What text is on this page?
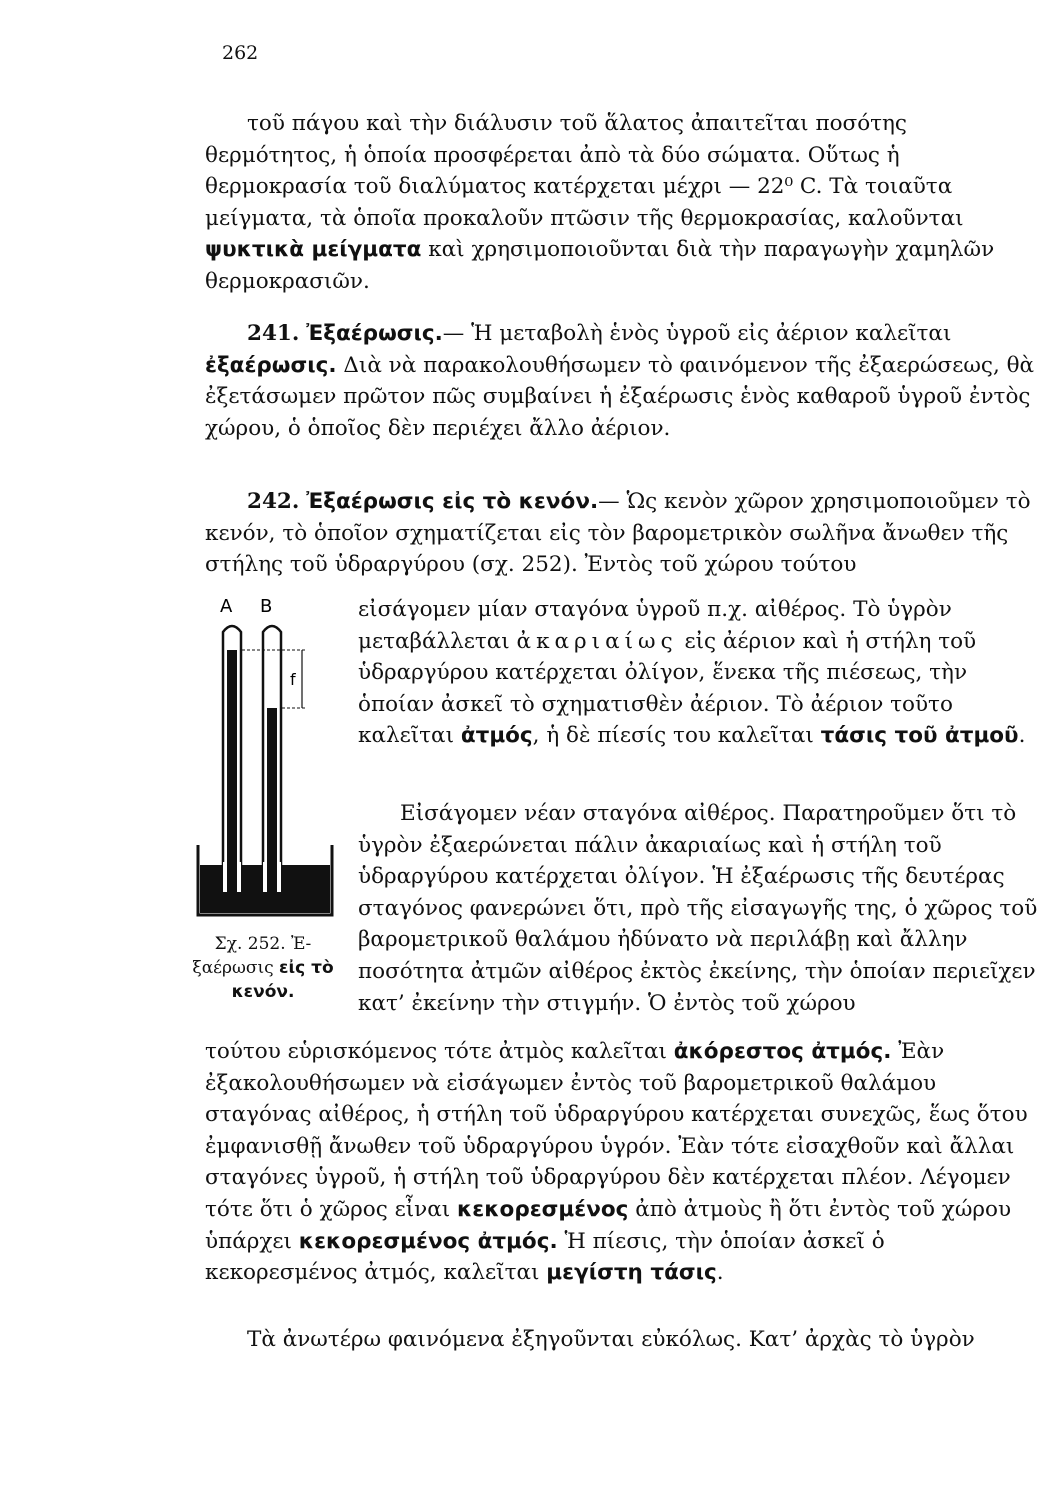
262

τοῦ πάγου καὶ τὴν διάλυσιν τοῦ ἅλατος ἀπαιτεῖται ποσότης θερμότητος, ἡ ὁποία προσφέρεται ἀπὸ τὰ δύο σώματα. Οὕτως ἡ θερμοκρασία τοῦ διαλύματος κατέρχεται μέχρι — 22⁰ C. Τὰ τοιαῦτα μείγματα, τὰ ὁποῖα προκαλοῦν πτῶσιν τῆς θερμοκρασίας, καλοῦνται ψυκτικὰ μείγματα καὶ χρησιμοποιοῦνται διὰ τὴν παραγωγὴν χαμηλῶν θερμοκρασιῶν.

241. Ἐξαέρωσις.— Ἡ μεταβολὴ ἑνὸς ὑγροῦ εἰς ἀέριον καλεῖται ἐξαέρωσις. Διὰ νὰ παρακολουθήσωμεν τὸ φαινόμενον τῆς ἐξαερώσεως, θὰ ἐξετάσωμεν πρῶτον πῶς συμβαίνει ἡ ἐξαέρωσις ἑνὸς καθαροῦ ὑγροῦ ἐντὸς χώρου, ὁ ὁποῖος δὲν περιέχει ἄλλο ἀέριον.

242. Ἐξαέρωσις εἰς τὸ κενόν.— Ὡς κενὸν χῶρον χρησιμοποιοῦμεν τὸ κενόν, τὸ ὁποῖον σχηματίζεται εἰς τὸν βαρομετρικὸν σωλῆνα ἄνωθεν τῆς στήλης τοῦ ὑδραργύρου (σχ. 252). Ἐντὸς τοῦ χώρου τούτου

A B
f

Σχ. 252. Ἐ- ξαέρωσις εἰς τὸ κενόν.

εἰσάγομεν μίαν σταγόνα ὑγροῦ π.χ. αἰθέρος. Τὸ ὑγρὸν μεταβάλλεται ἀκαριαίως εἰς ἀέριον καὶ ἡ στήλη τοῦ ὑδραργύρου κατέρχεται ὀλίγον, ἕνεκα τῆς πιέσεως, τὴν ὁποίαν ἀσκεῖ τὸ σχηματισθὲν ἀέριον. Τὸ ἀέριον τοῦτο καλεῖται ἀτμός, ἡ δὲ πίεσίς του καλεῖται τάσις τοῦ ἀτμοῦ.

Εἰσάγομεν νέαν σταγόνα αἰθέρος. Παρατηροῦμεν ὅτι τὸ ὑγρὸν ἐξαερώνεται πάλιν ἀκαριαίως καὶ ἡ στήλη τοῦ ὑδραργύρου κατέρχεται ὀλίγον. Ἡ ἐξαέρωσις τῆς δευτέρας σταγόνος φανερώνει ὅτι, πρὸ τῆς εἰσαγωγῆς της, ὁ χῶρος τοῦ βαρομετρικοῦ θαλάμου ἠδύνατο νὰ περιλάβῃ καὶ ἄλλην ποσότητα ἀτμῶν αἰθέρος ἐκτὸς ἐκείνης, τὴν ὁποίαν περιεῖχεν κατ’ ἐκείνην τὴν στιγμήν. Ὁ ἐντὸς τοῦ χώρου

τούτου εὑρισκόμενος τότε ἀτμὸς καλεῖται ἀκόρεστος ἀτμός. Ἐὰν ἐξακολουθήσωμεν νὰ εἰσάγωμεν ἐντὸς τοῦ βαρομετρικοῦ θαλάμου σταγόνας αἰθέρος, ἡ στήλη τοῦ ὑδραργύρου κατέρχεται συνεχῶς, ἕως ὅτου ἐμφανισθῇ ἄνωθεν τοῦ ὑδραργύρου ὑγρόν. Ἐὰν τότε εἰσαχθοῦν καὶ ἄλλαι σταγόνες ὑγροῦ, ἡ στήλη τοῦ ὑδραργύρου δὲν κατέρχεται πλέον. Λέγομεν τότε ὅτι ὁ χῶρος εἶναι κεκορεσμένος ἀπὸ ἀτμοὺς ἢ ὅτι ἐντὸς τοῦ χώρου ὑπάρχει κεκορεσμένος ἀτμός. Ἡ πίεσις, τὴν ὁποίαν ἀσκεῖ ὁ κεκορεσμένος ἀτμός, καλεῖται μεγίστη τάσις.

Τὰ ἀνωτέρω φαινόμενα ἐξηγοῦνται εὐκόλως. Κατ’ ἀρχὰς τὸ ὑγρὸν
